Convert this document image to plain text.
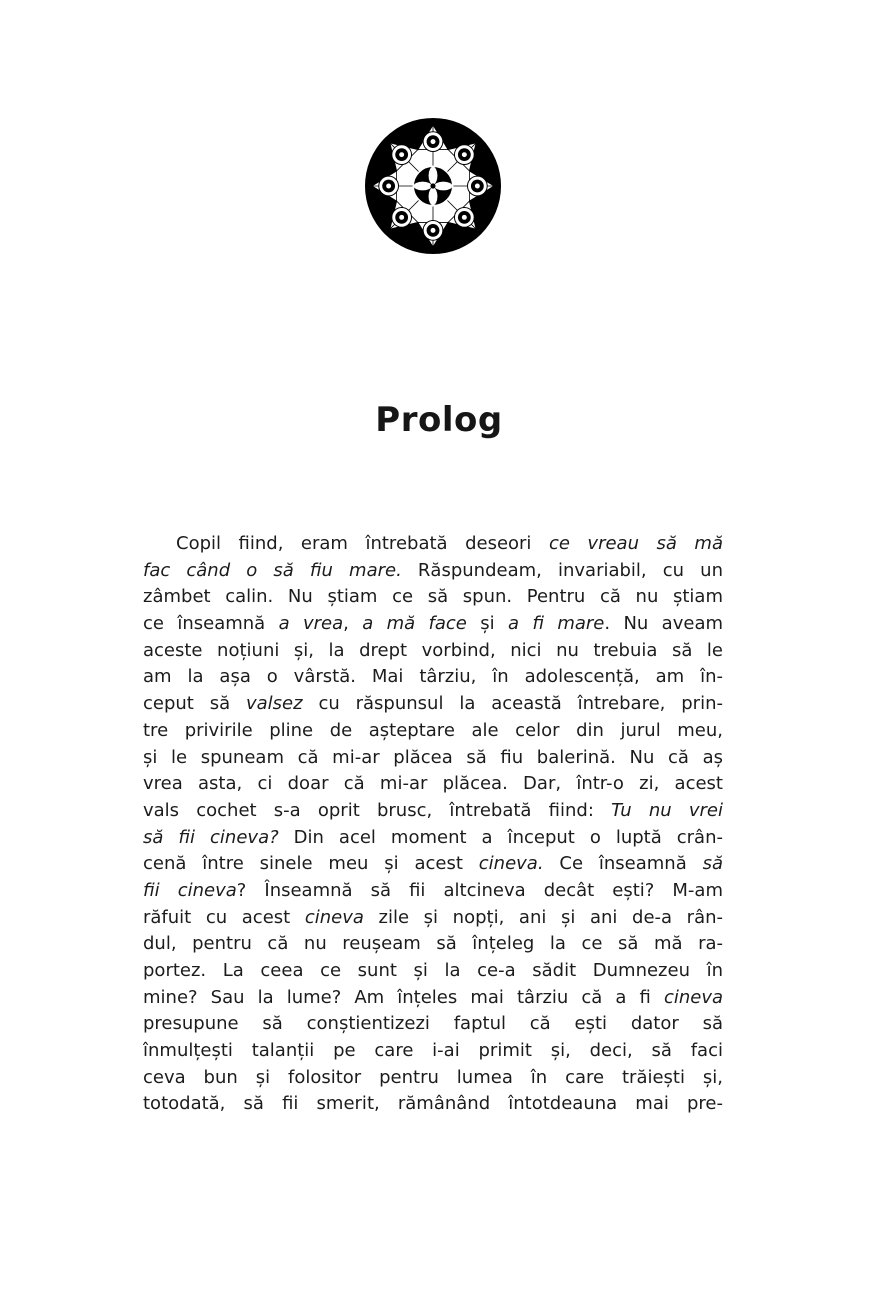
Prolog
Copil fiind, eram întrebată deseori ce vreau să mă
fac când o să fiu mare. Răspundeam, invariabil, cu un
zâmbet calin. Nu știam ce să spun. Pentru că nu știam
ce înseamnă a vrea, a mă face și a fi mare. Nu aveam
aceste noțiuni și, la drept vorbind, nici nu trebuia să le
am la așa o vârstă. Mai târziu, în adolescență, am în-
ceput să valsez cu răspunsul la această întrebare, prin-
tre privirile pline de așteptare ale celor din jurul meu,
și le spuneam că mi-ar plăcea să fiu balerină. Nu că aș
vrea asta, ci doar că mi-ar plăcea. Dar, într-o zi, acest
vals cochet s-a oprit brusc, întrebată fiind: Tu nu vrei
să fii cineva? Din acel moment a început o luptă crân-
cenă între sinele meu și acest cineva. Ce înseamnă să
fii cineva? Înseamnă să fii altcineva decât ești? M-am
răfuit cu acest cineva zile și nopți, ani și ani de-a rân-
dul, pentru că nu reușeam să înțeleg la ce să mă ra-
portez. La ceea ce sunt și la ce-a sădit Dumnezeu în
mine? Sau la lume? Am înțeles mai târziu că a fi cineva
presupune să conștientizezi faptul că ești dator să
înmulțești talanții pe care i-ai primit și, deci, să faci
ceva bun și folositor pentru lumea în care trăiești și,
totodată, să fii smerit, rămânând întotdeauna mai pre-
